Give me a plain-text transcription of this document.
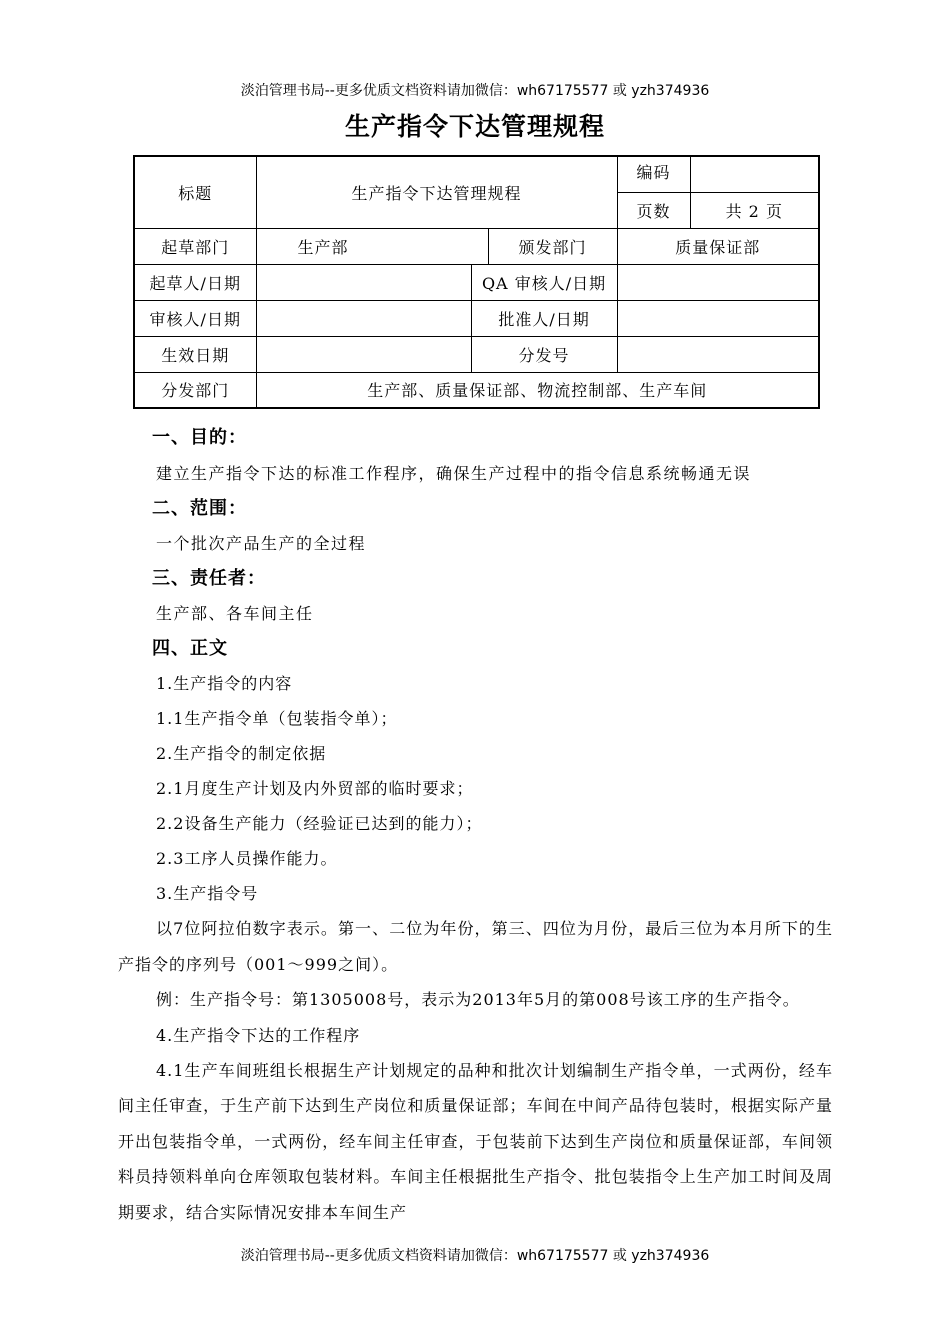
淡泊管理书局--更多优质文档资料请加微信：wh67175577 或 yzh374936
生产指令下达管理规程
标题	生产指令下达管理规程			编码	
				页数	共 2 页
起草部门	生产部		颁发部门	质量保证部	
起草人/日期		QA 审核人/日期			
审核人/日期		批准人/日期			
生效日期		分发号			
分发部门	生产部、质量保证部、物流控制部、生产车间				
一、目的：
建立生产指令下达的标准工作程序，确保生产过程中的指令信息系统畅通无误
二、范围：
一个批次产品生产的全过程
三、责任者：
生产部、各车间主任
四、正文
1.生产指令的内容
1.1生产指令单（包装指令单）；
2.生产指令的制定依据
2.1月度生产计划及内外贸部的临时要求；
2.2设备生产能力（经验证已达到的能力）；
2.3工序人员操作能力。
3.生产指令号
以7位阿拉伯数字表示。第一、二位为年份，第三、四位为月份，最后三位为本月所下的生产指令的序列号（001～999之间）。
例：生产指令号：第1305008号，表示为2013年5月的第008号该工序的生产指令。
4.生产指令下达的工作程序
4.1生产车间班组长根据生产计划规定的品种和批次计划编制生产指令单，一式两份，经车间主任审查，于生产前下达到生产岗位和质量保证部；车间在中间产品待包装时，根据实际产量开出包装指令单，一式两份，经车间主任审查，于包装前下达到生产岗位和质量保证部，车间领料员持领料单向仓库领取包装材料。车间主任根据批生产指令、批包装指令上生产加工时间及周期要求，结合实际情况安排本车间生产
淡泊管理书局--更多优质文档资料请加微信：wh67175577 或 yzh374936
